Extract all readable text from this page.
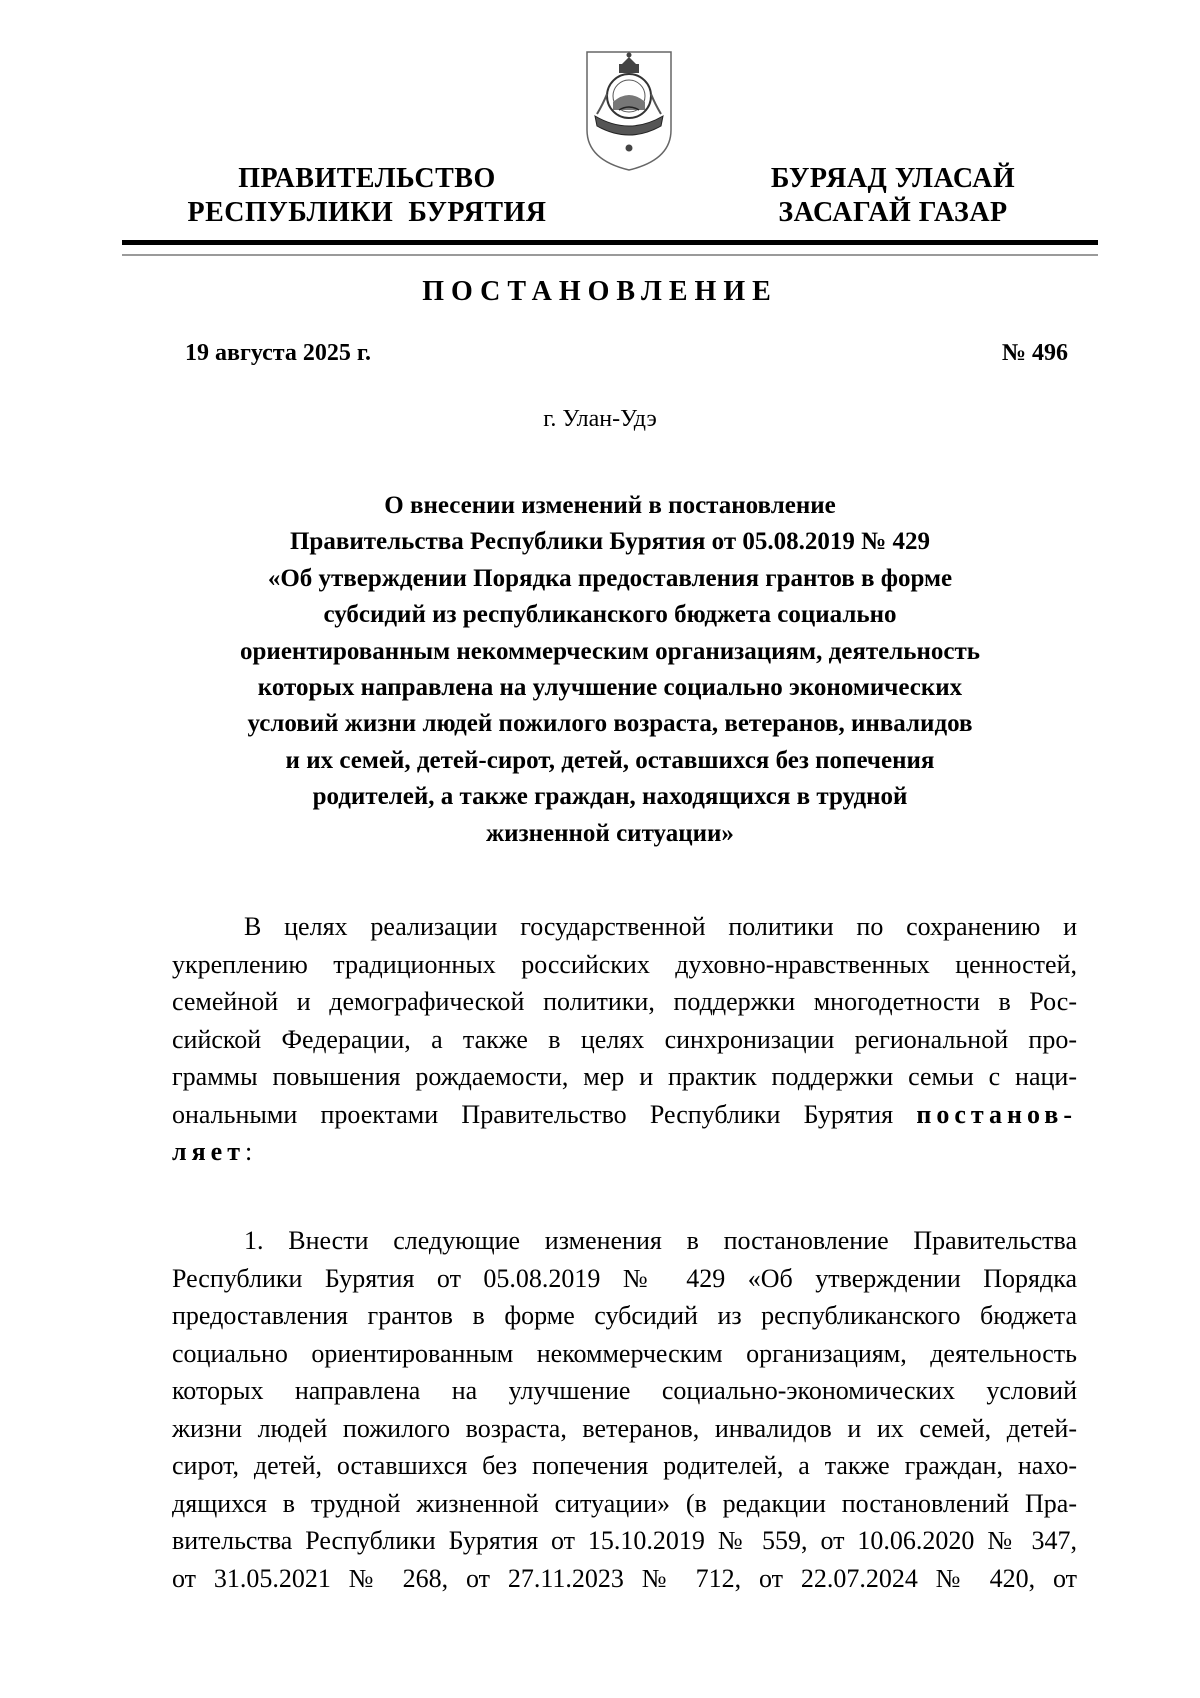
ПРАВИТЕЛЬСТВО
РЕСПУБЛИКИ  БУРЯТИЯ
БУРЯАД УЛАСАЙ
ЗАСАГАЙ ГАЗАР
ПОСТАНОВЛЕНИЕ
19 августа 2025 г.	№ 496
г. Улан-Удэ
О внесении изменений в постановление
Правительства Республики Бурятия от 05.08.2019 № 429
«Об утверждении Порядка предоставления грантов в форме
субсидий из республиканского бюджета социально
ориентированным некоммерческим организациям, деятельность
которых направлена на улучшение социально экономических
условий жизни людей пожилого возраста, ветеранов, инвалидов
и их семей, детей-сирот, детей, оставшихся без попечения
родителей, а также граждан, находящихся в трудной
жизненной ситуации»
В целях реализации государственной политики по сохранению и
укреплению традиционных российских духовно-нравственных ценностей,
семейной и демографической политики, поддержки многодетности в Рос-
сийской Федерации, а также в целях синхронизации региональной про-
граммы повышения рождаемости, мер и практик поддержки семьи с наци-
ональными проектами Правительство Республики Бурятия постанов-
ляет:
1. Внести следующие изменения в постановление Правительства
Республики Бурятия от 05.08.2019 № 429 «Об утверждении Порядка
предоставления грантов в форме субсидий из республиканского бюджета
социально ориентированным некоммерческим организациям, деятельность
которых направлена на улучшение социально-экономических условий
жизни людей пожилого возраста, ветеранов, инвалидов и их семей, детей-
сирот, детей, оставшихся без попечения родителей, а также граждан, нахо-
дящихся в трудной жизненной ситуации» (в редакции постановлений Пра-
вительства Республики Бурятия от 15.10.2019 № 559, от 10.06.2020 № 347,
от 31.05.2021 № 268, от 27.11.2023 № 712, от 22.07.2024 № 420, от
